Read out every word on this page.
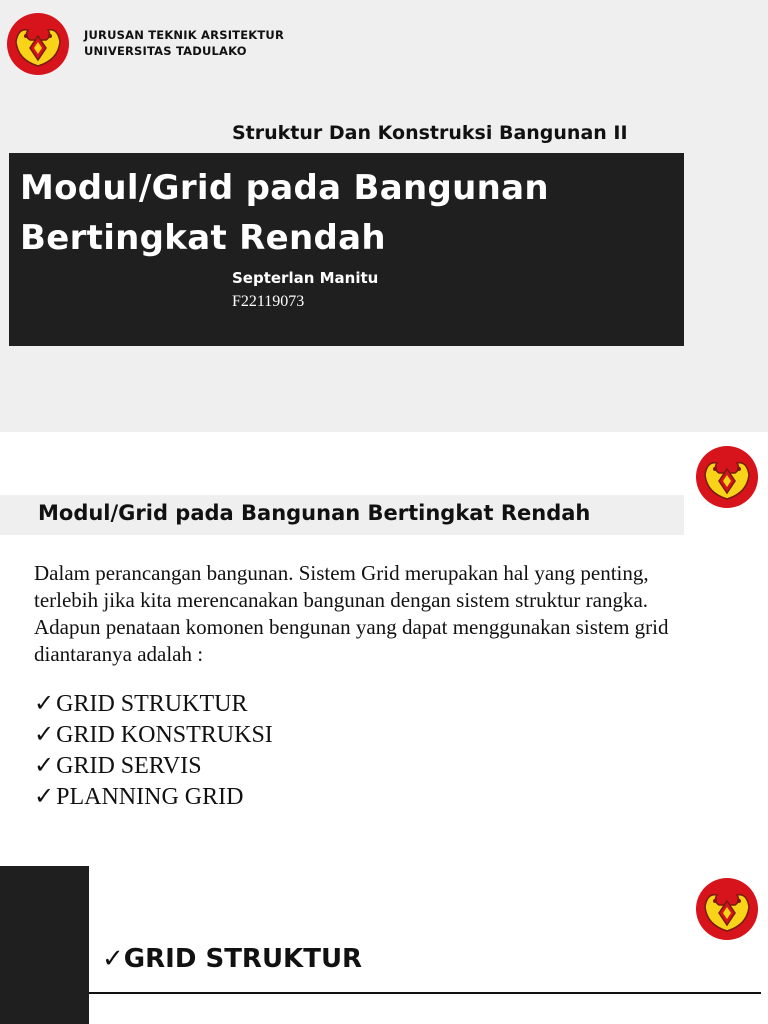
JURUSAN TEKNIK ARSITEKTUR
UNIVERSITAS TADULAKO
Struktur Dan Konstruksi Bangunan II
Modul/Grid pada Bangunan
Bertingkat Rendah
Septerlan Manitu
F22119073
Modul/Grid pada Bangunan Bertingkat Rendah

Dalam perancangan bangunan. Sistem Grid merupakan hal yang penting, terlebih jika kita merencanakan bangunan dengan sistem struktur rangka. Adapun penataan komonen bengunan yang dapat menggunakan sistem grid diantaranya adalah :

✓ GRID STRUKTUR
✓ GRID KONSTRUKSI
✓ GRID SERVIS
✓ PLANNING GRID
✓ GRID STRUKTUR
